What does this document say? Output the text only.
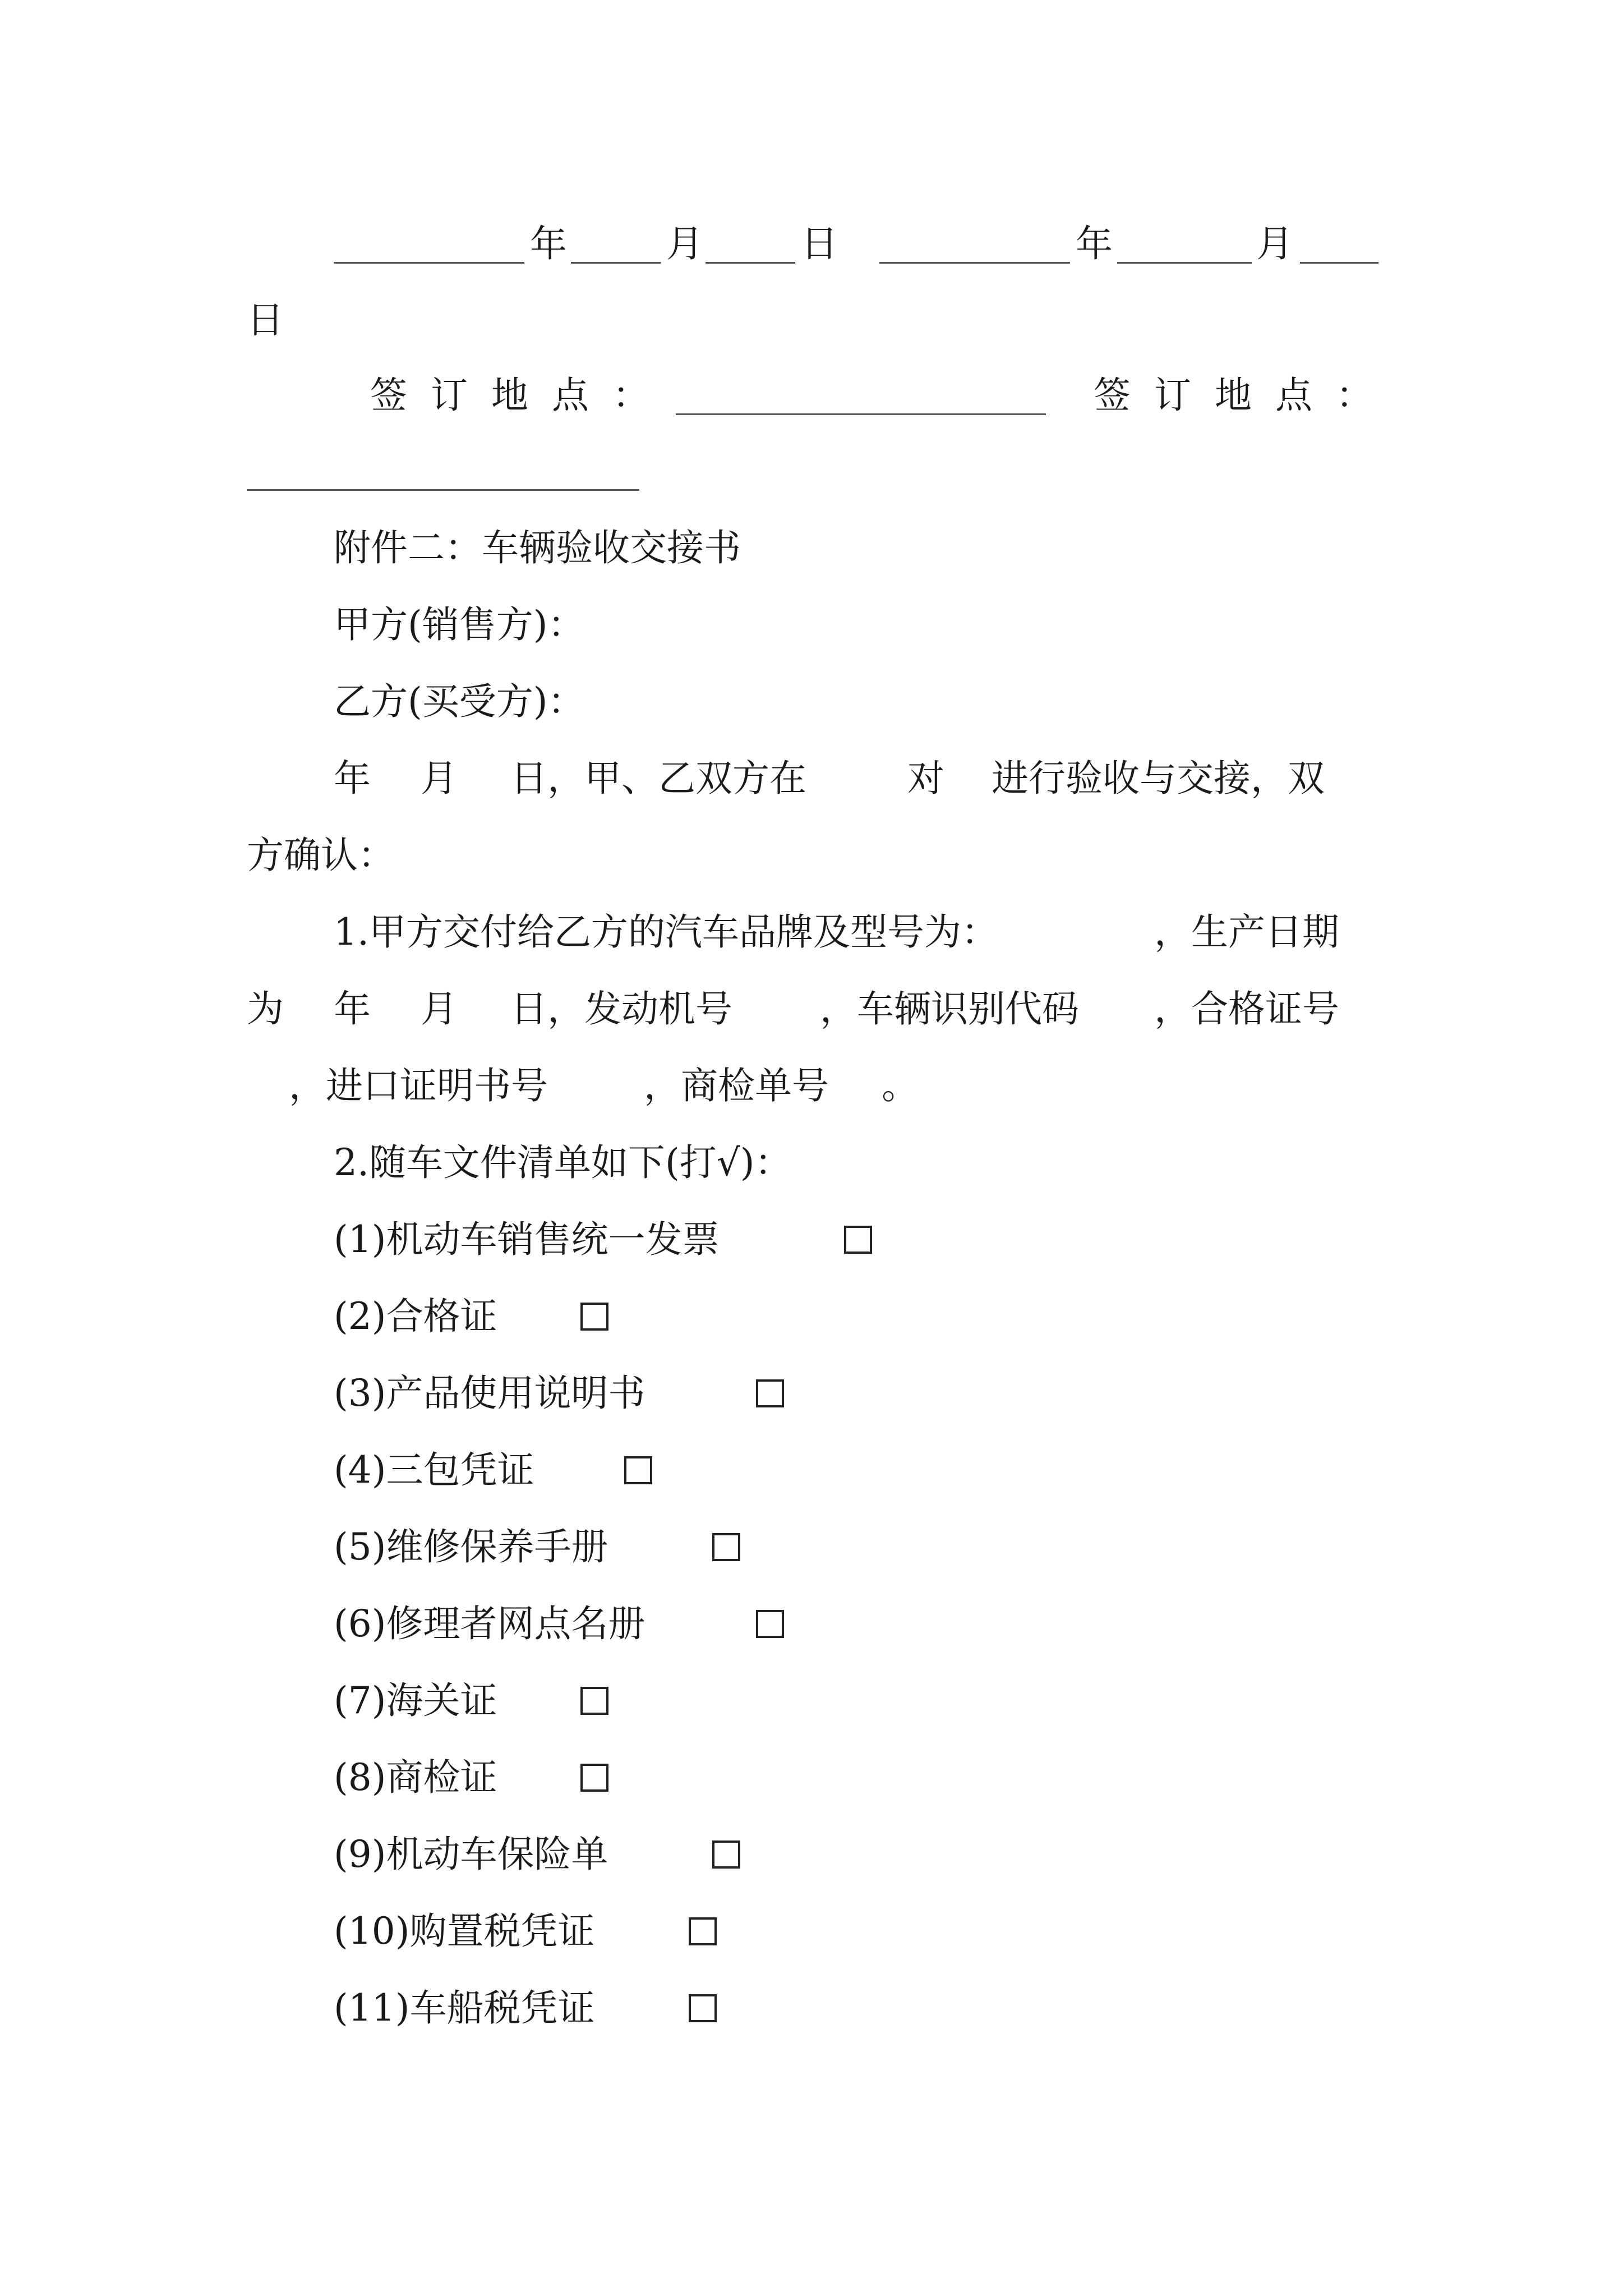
年	月	日	年	月
日
签订地点：	签订地点：
附件二：车辆验收交接书
甲方(销售方)：
乙方(买受方)：
年 月 日，甲、乙双方在	对 进行验收与交接，双
方确认：
1.甲方交付给乙方的汽车品牌及型号为：	，生产日期
为 年 月 日，发动机号 ，车辆识别代码 ，合格证号
，进口证明书号	，商检单号 。
2.随车文件清单如下(打√)：
(1)机动车销售统一发票
(2)合格证
(3)产品使用说明书
(4)三包凭证
(5)维修保养手册
(6)修理者网点名册
(7)海关证
(8)商检证
(9)机动车保险单
(10)购置税凭证
(11)车船税凭证
